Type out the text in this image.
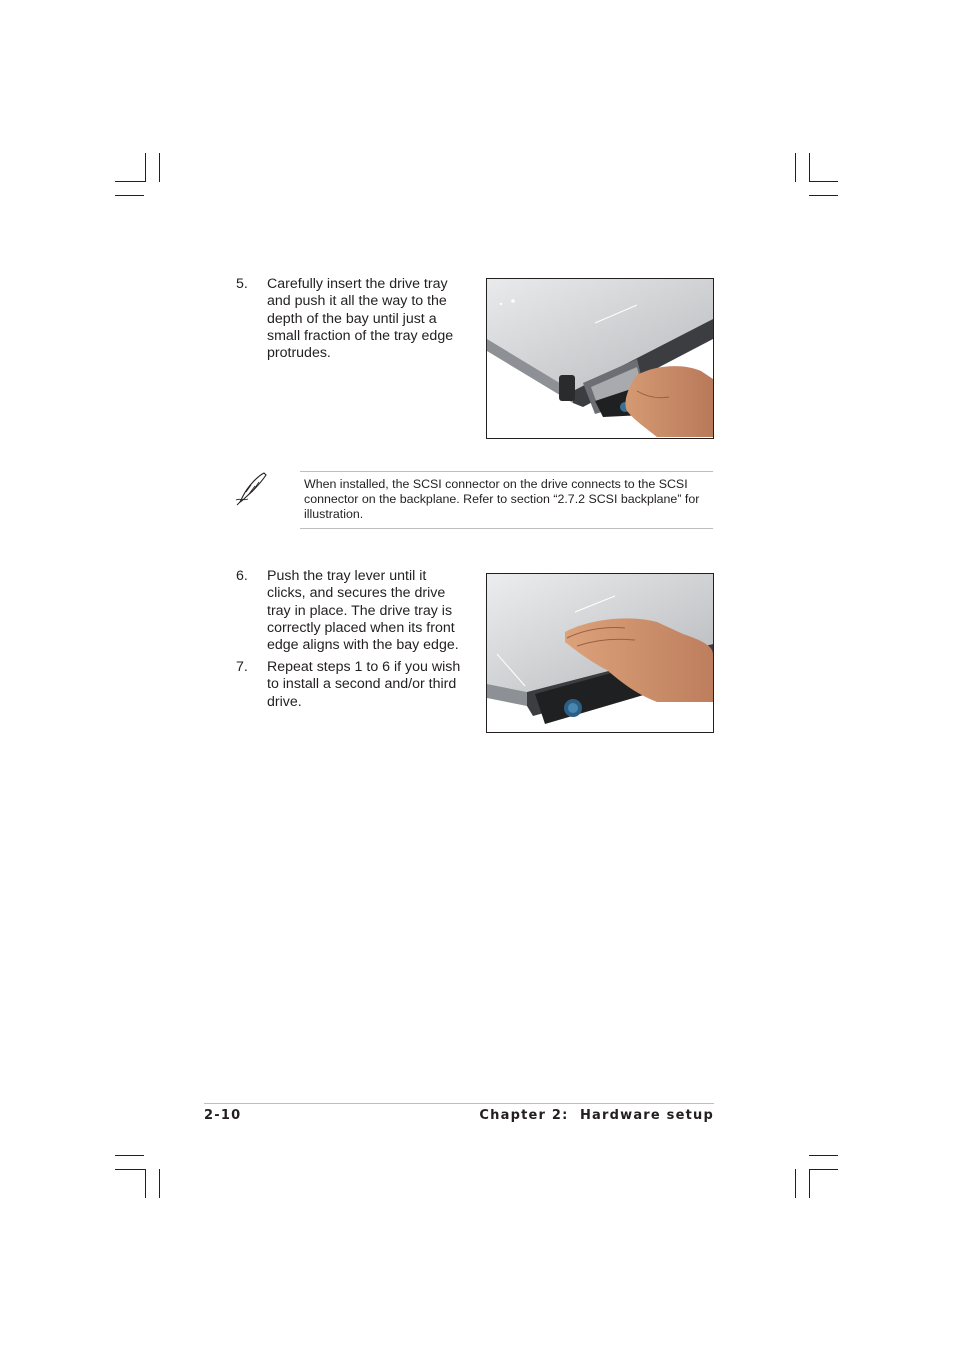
5. Carefully insert the drive tray
and push it all the way to the
depth of the bay until just a
small fraction of the tray edge
protrudes.
When installed, the SCSI connector on the drive connects to the SCSI
connector on the backplane. Refer to section “2.7.2 SCSI backplane” for
illustration.
6. Push the tray lever until it
clicks, and secures the drive
tray in place. The drive tray is
correctly placed when its front
edge aligns with the bay edge.
7. Repeat steps 1 to 6 if you wish
to install a second and/or third
drive.
2-10	Chapter 2:  Hardware setup
